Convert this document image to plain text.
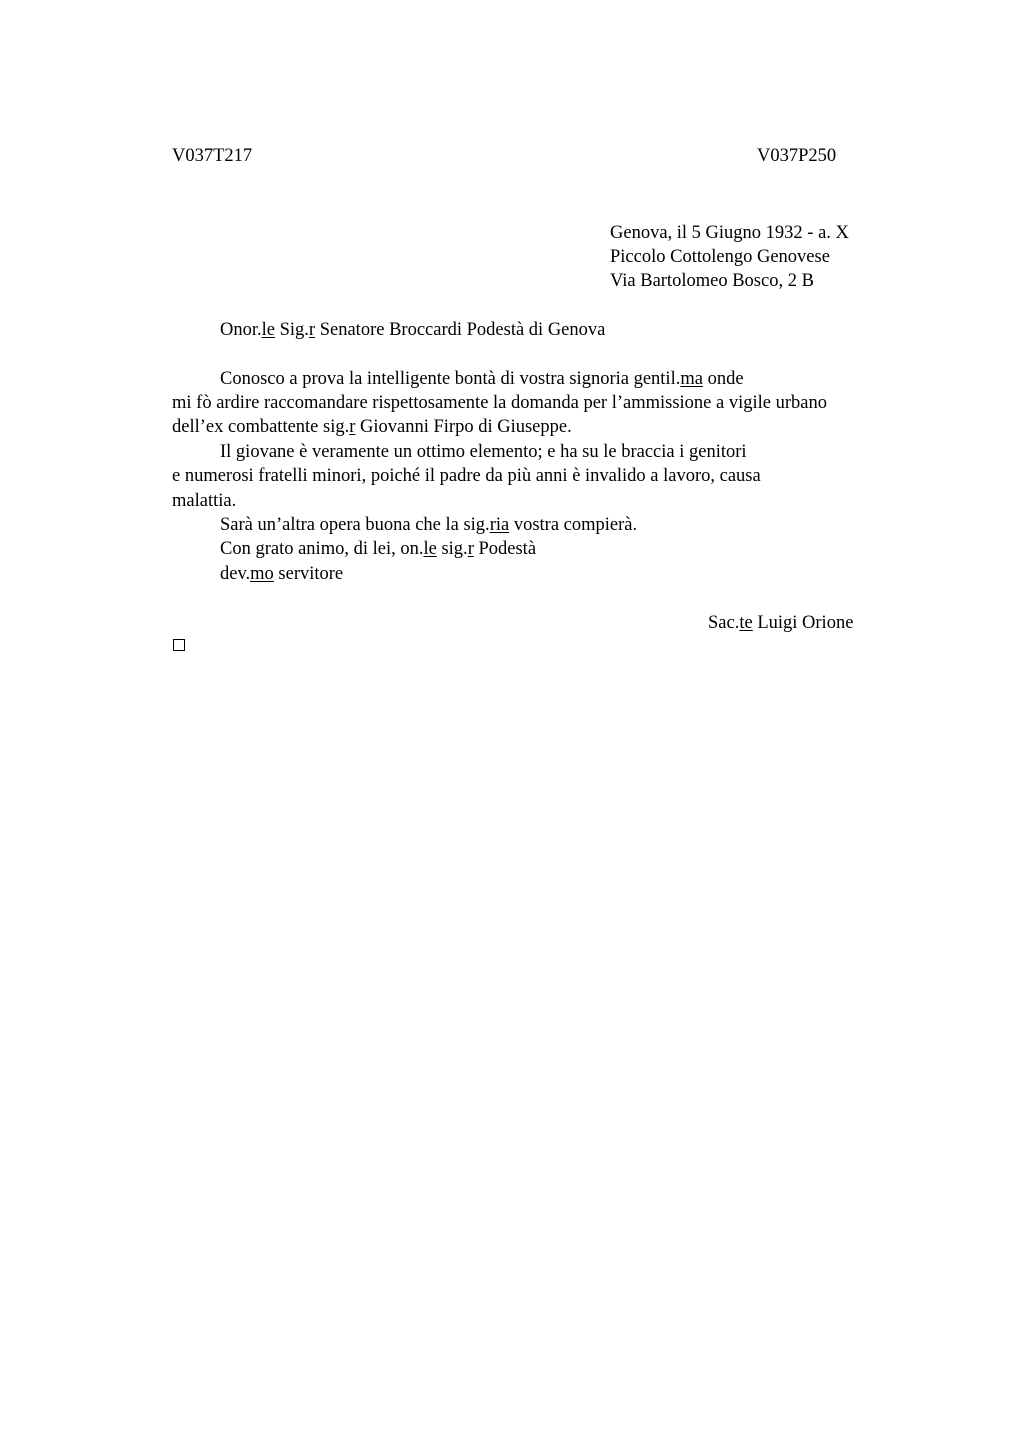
V037T217	V037P250
Genova, il 5 Giugno 1932 - a. X
Piccolo Cottolengo Genovese
Via Bartolomeo Bosco, 2 B
Onor.le Sig.r Senatore Broccardi Podestà di Genova
Conosco a prova la intelligente bontà di vostra signoria gentil.ma onde
mi fò ardire raccomandare rispettosamente la domanda per l’ammissione a vigile urbano
dell’ex combattente sig.r Giovanni Firpo di Giuseppe.
Il giovane è veramente un ottimo elemento; e ha su le braccia i genitori
e numerosi fratelli minori, poiché il padre da più anni è invalido a lavoro, causa
malattia.
Sarà un’altra opera buona che la sig.ria vostra compierà.
Con grato animo, di lei, on.le sig.r Podestà
dev.mo servitore
Sac.te Luigi Orione
